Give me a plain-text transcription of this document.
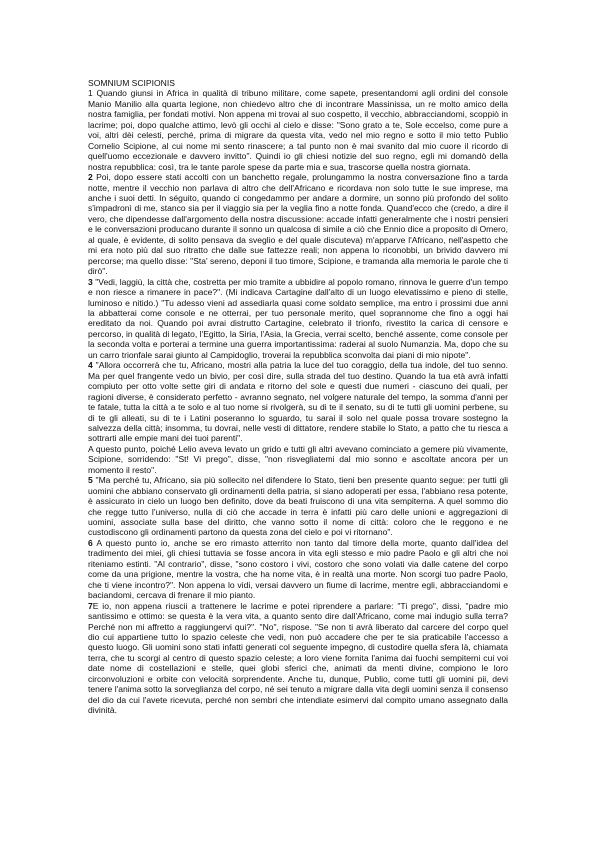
SOMNIUM SCIPIONIS

1 Quando giunsi in Africa in qualità di tribuno militare, come sapete, presentandomi agli ordini del console Manio Manilio alla quarta legione, non chiedevo altro che di incontrare Massinissa, un re molto amico della nostra famiglia, per fondati motivi. Non appena mi trovai al suo cospetto, il vecchio, abbracciandomi, scoppiò in lacrime; poi, dopo qualche attimo, levò gli occhi al cielo e disse: "Sono grato a te, Sole eccelso, come pure a voi, altri dèi celesti, perché, prima di migrare da questa vita, vedo nel mio regno e sotto il mio tetto Publio Cornelio Scipione, al cui nome mi sento rinascere; a tal punto non è mai svanito dal mio cuore il ricordo di quell'uomo eccezionale e davvero invitto". Quindi io gli chiesi notizie del suo regno, egli mi domandò della nostra repubblica: così, tra le tante parole spese da parte mia e sua, trascorse quella nostra giornata.

2 Poi, dopo essere stati accolti con un banchetto regale, prolungammo la nostra conversazione fino a tarda notte, mentre il vecchio non parlava di altro che dell'Africano e ricordava non solo tutte le sue imprese, ma anche i suoi detti. In séguito, quando ci congedammo per andare a dormire, un sonno più profondo del solito s'impadronì di me, stanco sia per il viaggio sia per la veglia fino a notte fonda. Quand'ecco che (credo, a dire il vero, che dipendesse dall'argomento della nostra discussione: accade infatti generalmente che i nostri pensieri e le conversazioni producano durante il sonno un qualcosa di simile a ciò che Ennio dice a proposito di Omero, al quale, è evidente, di solito pensava da sveglio e del quale discuteva) m'apparve l'Africano, nell'aspetto che mi era noto più dal suo ritratto che dalle sue fattezze reali; non appena lo riconobbi, un brivido davvero mi percorse; ma quello disse: "Sta' sereno, deponi il tuo timore, Scipione, e tramanda alla memoria le parole che ti dirò".

3 "Vedi, laggiù, la città che, costretta per mio tramite a ubbidire al popolo romano, rinnova le guerre d'un tempo e non riesce a rimanere in pace?". (Mi indicava Cartagine dall'alto di un luogo elevatissimo e pieno di stelle, luminoso e nitido.) "Tu adesso vieni ad assediarla quasi come soldato semplice, ma entro i prossimi due anni la abbatterai come console e ne otterrai, per tuo personale merito, quel soprannome che fino a oggi hai ereditato da noi. Quando poi avrai distrutto Cartagine, celebrato il trionfo, rivestito la carica di censore e percorso, in qualità di legato, l'Egitto, la Siria, l'Asia, la Grecia, verrai scelto, benché assente, come console per la seconda volta e porterai a termine una guerra importantissima: raderai al suolo Numanzia. Ma, dopo che su un carro trionfale sarai giunto al Campidoglio, troverai la repubblica sconvolta dai piani di mio nipote".

4 "Allora occorrerà che tu, Africano, mostri alla patria la luce del tuo coraggio, della tua indole, del tuo senno. Ma per quel frangente vedo un bivio, per così dire, sulla strada del tuo destino. Quando la tua età avrà infatti compiuto per otto volte sette giri di andata e ritorno del sole e questi due numeri - ciascuno dei quali, per ragioni diverse, è considerato perfetto - avranno segnato, nel volgere naturale del tempo, la somma d'anni per te fatale, tutta la città a te solo e al tuo nome si rivolgerà, su di te il senato, su di te tutti gli uomini perbene, su di te gli alleati, su di te i Latini poseranno lo sguardo, tu sarai il solo nel quale possa trovare sostegno la salvezza della città; insomma, tu dovrai, nelle vesti di dittatore, rendere stabile lo Stato, a patto che tu riesca a sottrarti alle empie mani dei tuoi parenti".

A questo punto, poiché Lelio aveva levato un grido e tutti gli altri avevano cominciato a gemere più vivamente, Scipione, sorridendo: "St! Vi prego", disse, "non risvegliatemi dal mio sonno e ascoltate ancora per un momento il resto".

5 "Ma perché tu, Africano, sia più sollecito nel difendere lo Stato, tieni ben presente quanto segue: per tutti gli uomini che abbiano conservato gli ordinamenti della patria, si siano adoperati per essa, l'abbiano resa potente, è assicurato in cielo un luogo ben definito, dove da beati fruiscono di una vita sempiterna. A quel sommo dio che regge tutto l'universo, nulla di ciò che accade in terra è infatti più caro delle unioni e aggregazioni di uomini, associate sulla base del diritto, che vanno sotto il nome di città: coloro che le reggono e ne custodiscono gli ordinamenti partono da questa zona del cielo e poi vi ritornano".

6 A questo punto io, anche se ero rimasto atterrito non tanto dal timore della morte, quanto dall'idea del tradimento dei miei, gli chiesi tuttavia se fosse ancora in vita egli stesso e mio padre Paolo e gli altri che noi riteniamo estinti. "Al contrario", disse, "sono costoro i vivi, costoro che sono volati via dalle catene del corpo come da una prigione, mentre la vostra, che ha nome vita, è in realtà una morte. Non scorgi tuo padre Paolo, che ti viene incontro?". Non appena lo vidi, versai davvero un fiume di lacrime, mentre egli, abbracciandomi e baciandomi, cercava di frenare il mio pianto.

7E io, non appena riuscii a trattenere le lacrime e potei riprendere a parlare: "Ti prego", dissi, "padre mio santissimo e ottimo: se questa è la vera vita, a quanto sento dire dall'Africano, come mai indugio sulla terra? Perché non mi affretto a raggiungervi qui?". "No", rispose. "Se non ti avrà liberato dal carcere del corpo quel dio cui appartiene tutto lo spazio celeste che vedi, non può accadere che per te sia praticabile l'accesso a questo luogo. Gli uomini sono stati infatti generati col seguente impegno, di custodire quella sfera là, chiamata terra, che tu scorgi al centro di questo spazio celeste; a loro viene fornita l'anima dai fuochi sempiterni cui voi date nome di costellazioni e stelle, quei globi sferici che, animati da menti divine, compiono le loro circonvoluzioni e orbite con velocità sorprendente. Anche tu, dunque, Publio, come tutti gli uomini pii, devi tenere l'anima sotto la sorveglianza del corpo, né sei tenuto a migrare dalla vita degli uomini senza il consenso del dio da cui l'avete ricevuta, perché non sembri che intendiate esimervi dal compito umano assegnato dalla divinità.
